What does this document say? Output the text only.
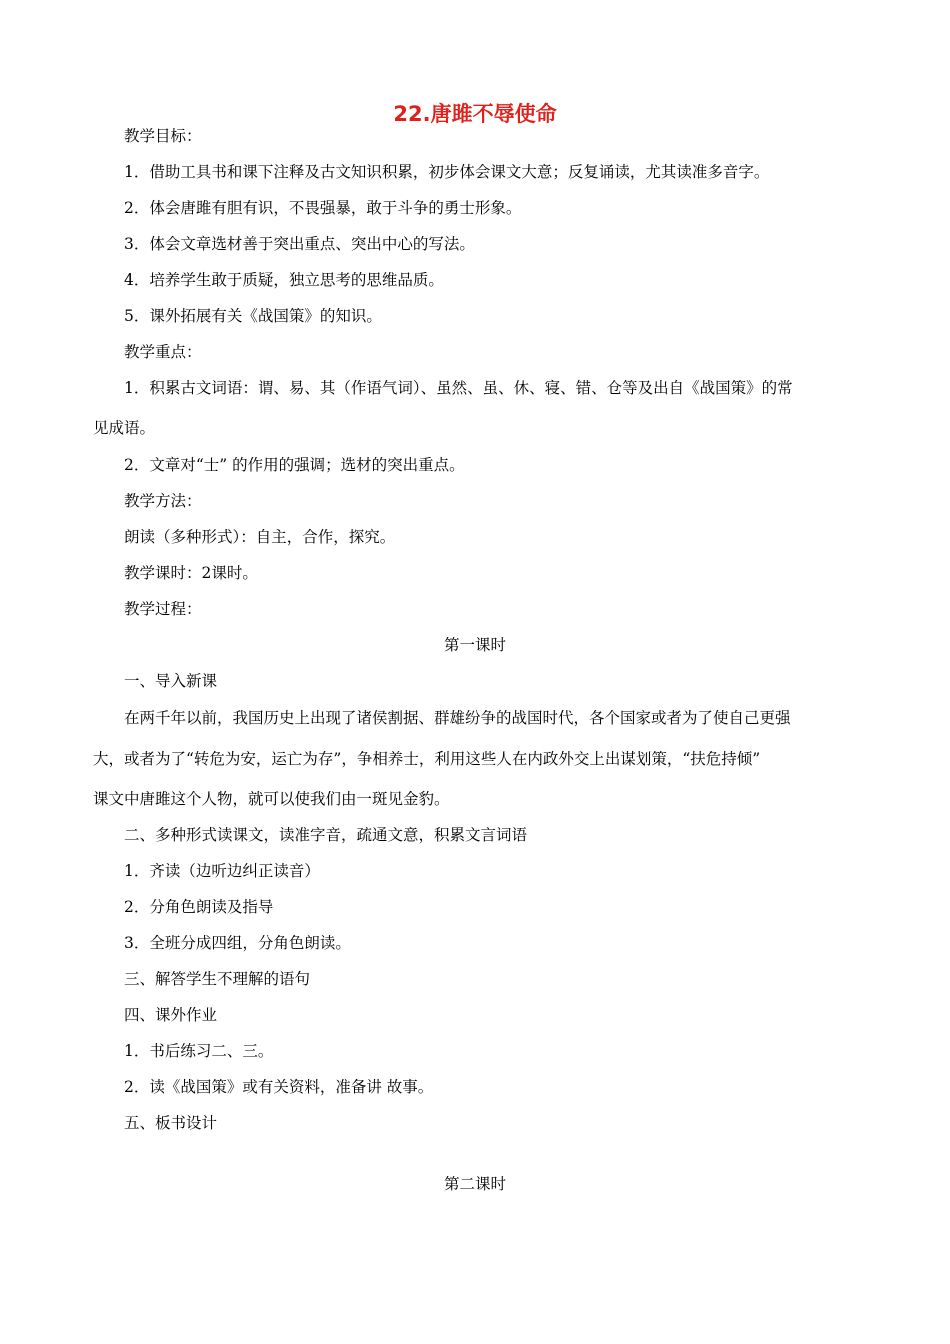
22.唐雎不辱使命
教学目标：
1．借助工具书和课下注释及古文知识积累，初步体会课文大意；反复诵读，尤其读准多音字。
2．体会唐雎有胆有识，不畏强暴，敢于斗争的勇士形象。
3．体会文章选材善于突出重点、突出中心的写法。
4．培养学生敢于质疑，独立思考的思维品质。
5．课外拓展有关《战国策》的知识。
教学重点：
1．积累古文词语：谓、易、其（作语气词）、虽然、虽、休、寝、错、仓等及出自《战国策》的常
见成语。
2．文章对“士” 的作用的强调；选材的突出重点。
教学方法：
朗读（多种形式）：自主，合作，探究。
教学课时：2课时。
教学过程：
第一课时
一、导入新课
在两千年以前，我国历史上出现了诸侯割据、群雄纷争的战国时代，各个国家或者为了使自己更强
大，或者为了“转危为安，运亡为存”，争相养士，利用这些人在内政外交上出谋划策，“扶危持倾”
课文中唐雎这个人物，就可以使我们由一斑见金豹。
二、多种形式读课文，读准字音，疏通文意，积累文言词语
1．齐读（边听边纠正读音）
2．分角色朗读及指导
3．全班分成四组，分角色朗读。
三、解答学生不理解的语句
四、课外作业
1．书后练习二、三。
2．读《战国策》或有关资料，准备讲 故事。
五、板书设计
第二课时
